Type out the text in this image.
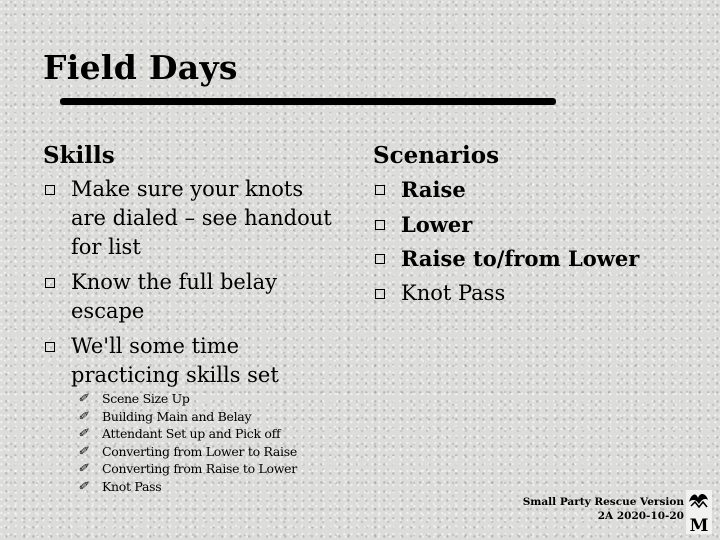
Field Days
Skills
Make sure your knots are dialed – see handout for list
Know the full belay escape
We'll some time practicing skills set
✐ Scene Size Up
✐ Building Main and Belay
✐ Attendant Set up and Pick off
✐ Converting from Lower to Raise
✐ Converting from Raise to Lower
✐ Knot Pass
Scenarios
Raise
Lower
Raise to/from Lower
Knot Pass
Small Party Rescue Version
2A 2020-10-20 M
